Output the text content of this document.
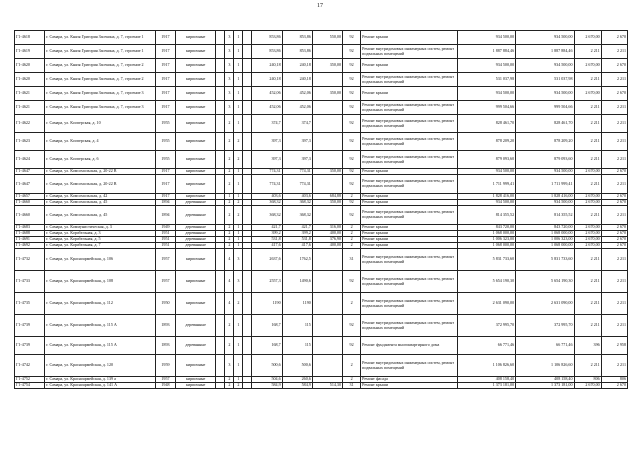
17
Г1-4618	г. Самара, ул. Князя Григория Засекина, д. 7, строение 1	1917	кирпичные		3	1		853,86	853,86	550,00	92	Ремонт крыши	934 500,00	934 500,00	2 670,00	2 670
Г1-4619	г. Самара, ул. Князя Григория Засекина, д. 7, строение 1	1917	кирпичные		3	1		853,86	853,86		92	Ремонт внутридомовых инженерных систем, ремонт подвальных помещений	1 887 884,46	1 887 884,46	2 211	2 211
Г1-4620	г. Самара, ул. Князя Григория Засекина, д. 7, строение 2	1917	кирпичные		3	1		240,18	240,18	350,00	92	Ремонт крыши	934 500,00	934 500,00	2 670,00	2 670
Г1-4620	г. Самара, ул. Князя Григория Засекина, д. 7, строение 2	1917	кирпичные		3	1		240,18	240,18		92	Ремонт внутридомовых инженерных систем, ремонт подвальных помещений	531 037,98	531 037,98	2 211	2 211
Г1-4621	г. Самара, ул. Князя Григория Засекина, д. 7, строение 3	1917	кирпичные		3	1		452,06	452,06	350,00	92	Ремонт крыши	934 500,00	934 500,00	2 670,00	2 670
Г1-4621	г. Самара, ул. Князя Григория Засекина, д. 7, строение 3	1917	кирпичные		3	1		452,06	452,06		92	Ремонт внутридомовых инженерных систем, ремонт подвальных помещений	999 504,66	999 504,66	2 211	2 211
Г1-4622	г. Самара, ул. Кооперская, д. 10	1955	кирпичные		2	1		374,7	374,7		92	Ремонт внутридомовых инженерных систем, ремонт подвальных помещений	828 461,70	828 461,70	2 211	2 211
Г1-4623	г. Самара, ул. Кооперская, д. 4	1955	кирпичные		2	2		397,3	397,3		92	Ремонт внутридомовых инженерных систем, ремонт подвальных помещений	878 209,20	878 209,20	2 211	2 211
Г1-4624	г. Самара, ул. Кооперская, д. 6	1955	кирпичные		2	2		397,3	397,3		92	Ремонт внутридомовых инженерных систем, ремонт подвальных помещений	879 093,60	879 093,60	2 211	2 211
Г1-4647	г. Самара, ул. Комсомольская, д. 20-22 В	1917	кирпичные		2	1		774,31	774,31	350,00	92	Ремонт крыши	934 500,00	934 500,00	2 670,00	2 670
Г1-4647	г. Самара, ул. Комсомольская, д. 20-22 В	1917	кирпичные		2	1		774,31	774,31		92	Ремонт внутридомовых инженерных систем, ремонт подвальных помещений	1 711 999,41	1 711 999,41	2 211	2 211
Г1-4657	г. Самара, ул. Комсомольская, д. 42	1917	кирпичные		1	1		403,6	403,6	684,88	2	Ремонт крыши	1 828 416,00	1 828 416,00	2 670,00	2 670
Г1-4660	г. Самара, ул. Комсомольская, д. 45	1894	деревянные		2	2		368,32	368,32	350,00	92	Ремонт крыши	934 500,00	934 500,00	2 670,00	2 670
Г1-4660	г. Самара, ул. Комсомольская, д. 45	1894	деревянные		2	2		368,32	368,32		92	Ремонт внутридомовых инженерных систем, ремонт подвальных помещений	814 355,52	814 355,52	2 211	2 211
Г1-4683	г. Самара, ул. Коммунистическая, д. 3	1949	деревянные		2	1		421,7	421,7	316,00	2	Ремонт крыши	843 720,00	843 720,00	2 670,00	2 670
Г1-4688	г. Самара, ул. Корабельная, д. 3	1951	деревянные		2	1		399,2	399,2	400,00	2	Ремонт крыши	1 068 000,00	1 068 000,00	2 670,00	2 670
Г1-4691	г. Самара, ул. Корабельная, д. 5	1951	деревянные		2	1		531,8	531,8	376,90	2	Ремонт крыши	1 006 323,00	1 006 323,00	2 670,00	2 670
Г1-4692	г. Самара, ул. Корабельная, д. 7	1951	деревянные		2	1		417,6	417,6	400,00	2	Ремонт крыши	1 068 000,00	1 068 000,00	2 670,00	2 670
Г1-4732	г. Самара, ул. Красноармейская, д. 106	1957	кирпичные		4	3		2637,6	1762,5		31	Ремонт внутридомовых инженерных систем, ремонт подвальных помещений	5 831 733,60	5 831 733,60	2 211	2 211
Г1-4733	г. Самара, ул. Красноармейская, д. 108	1957	кирпичные		4	3		2557,3	1490,6		92	Ремонт внутридомовых инженерных систем, ремонт подвальных помещений	5 654 190,30	5 654 190,30	2 211	2 211
Г1-4735	г. Самара, ул. Красноармейская, д. 112	1950	кирпичные		4	2		1190	1190		2	Ремонт внутридомовых инженерных систем, ремонт подвальных помещений	2 631 090,00	2 631 090,00	2 211	2 211
Г1-4739	г. Самара, ул. Красноармейская, д. 115 А	1893	деревянные		2	1		168,7	115		92	Ремонт внутридомовых инженерных систем, ремонт подвальных помещений	372 995,70	372 995,70	2 211	2 211
Г1-4739	г. Самара, ул. Красноармейская, д. 115 А	1893	деревянные		2	1		168,7	115		92	Ремонт фундамента многоквартирного дома	66 771,46	66 771,46	396	2 958
Г1-4742	г. Самара, ул. Красноармейская, д. 120	1959	кирпичные		3	1		500,6	500,6		2	Ремонт внутридомовых инженерных систем, ремонт подвальных помещений	1 106 826,60	1 106 826,60	2 211	2 211
Г1-4752	г. Самара, ул. Красноармейская, д. 139 а	1957	кирпичные		2	1		504,6	260,6		2	Ремонт фасада	408 158,40	408 158,40	806	806
Г1-4754	г. Самара, ул. Красноармейская, д. 141 А	1948	кирпичные		2	2		584,9	584,9	514,30	31	Ремонт крыши	1 373 181,00	1 373 181,00	2 670,00	2 670
